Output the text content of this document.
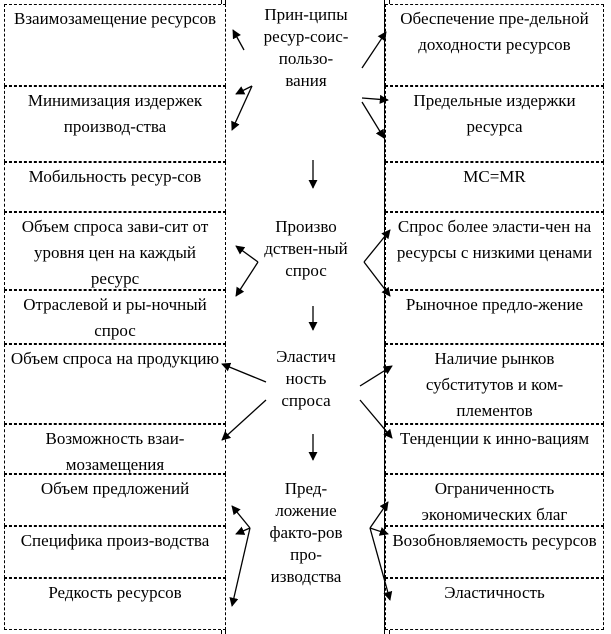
Взаимозамещение ресурсов
Минимизация издержек производ-ства
Мобильность ресур-сов
Объем спроса зави-сит от уровня цен на каждый ресурс
Отраслевой и ры-ночный спрос
Объем спроса на продукцию
Возможность взаи-мозамещения
Объем предложений
Специфика произ-водства
Редкость ресурсов
Обеспечение пре-дельной доходности ресурсов
Предельные издержки ресурса
MC=MR
Спрос более эласти-чен на ресурсы с низкими ценами
Рыночное предло-жение
Наличие рынков субститутов и ком-плементов
Тенденции к инно-вациям
Ограниченность экономических благ
Возобновляемость ресурсов
Эластичность
Прин-ципы ресур-соис-пользо-вания
Произво дствен-ный спрос
Эластич ность спроса
Пред-ложение факто-ров про-изводства
